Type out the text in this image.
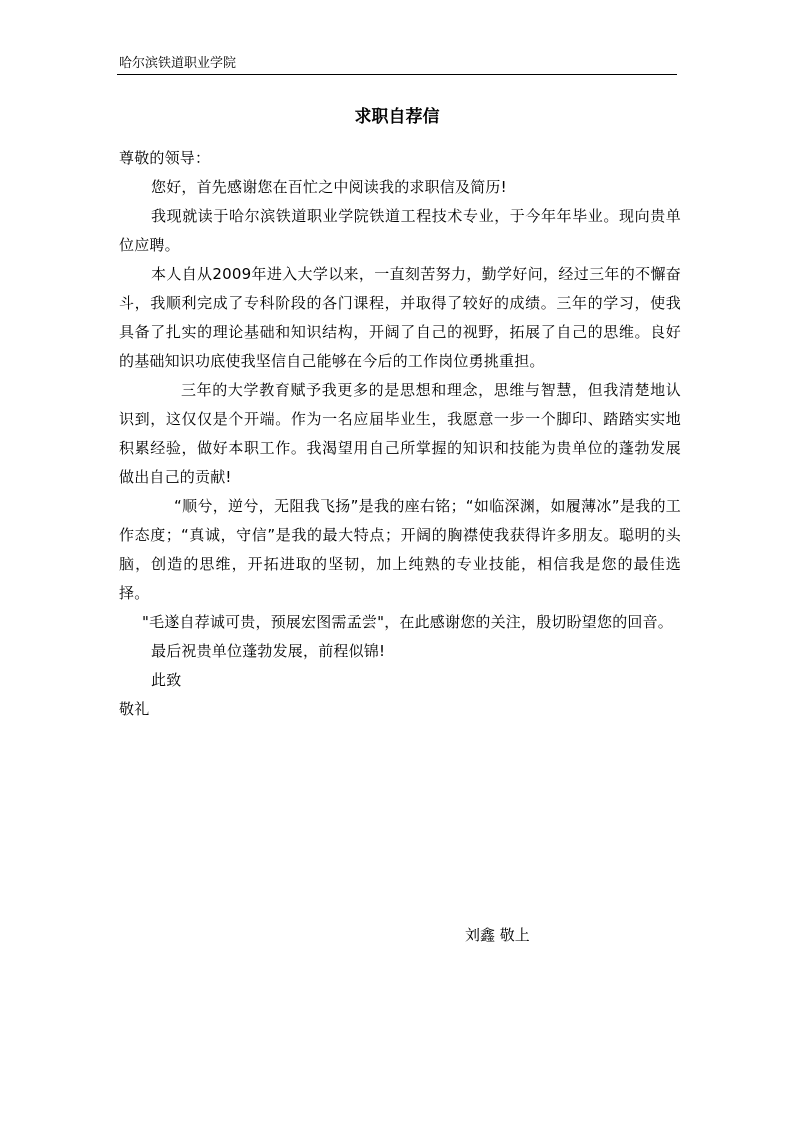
哈尔滨铁道职业学院
求职自荐信

尊敬的领导：

您好，首先感谢您在百忙之中阅读我的求职信及简历!

我现就读于哈尔滨铁道职业学院铁道工程技术专业，于今年年毕业。现向贵单位应聘。

本人自从2009年进入大学以来，一直刻苦努力，勤学好问，经过三年的不懈奋斗，我顺利完成了专科阶段的各门课程，并取得了较好的成绩。三年的学习，使我具备了扎实的理论基础和知识结构，开阔了自己的视野，拓展了自己的思维。良好的基础知识功底使我坚信自己能够在今后的工作岗位勇挑重担。

三年的大学教育赋予我更多的是思想和理念，思维与智慧，但我清楚地认识到，这仅仅是个开端。作为一名应届毕业生，我愿意一步一个脚印、踏踏实实地积累经验，做好本职工作。我渴望用自己所掌握的知识和技能为贵单位的蓬勃发展做出自己的贡献!

“顺兮，逆兮，无阻我飞扬”是我的座右铭；“如临深渊，如履薄冰”是我的工作态度；“真诚，守信”是我的最大特点；开阔的胸襟使我获得许多朋友。聪明的头脑，创造的思维，开拓进取的坚韧，加上纯熟的专业技能，相信我是您的最佳选择。

"毛遂自荐诚可贵，预展宏图需孟尝"，在此感谢您的关注，殷切盼望您的回音。

最后祝贵单位蓬勃发展，前程似锦!

此致

敬礼

刘鑫 敬上
